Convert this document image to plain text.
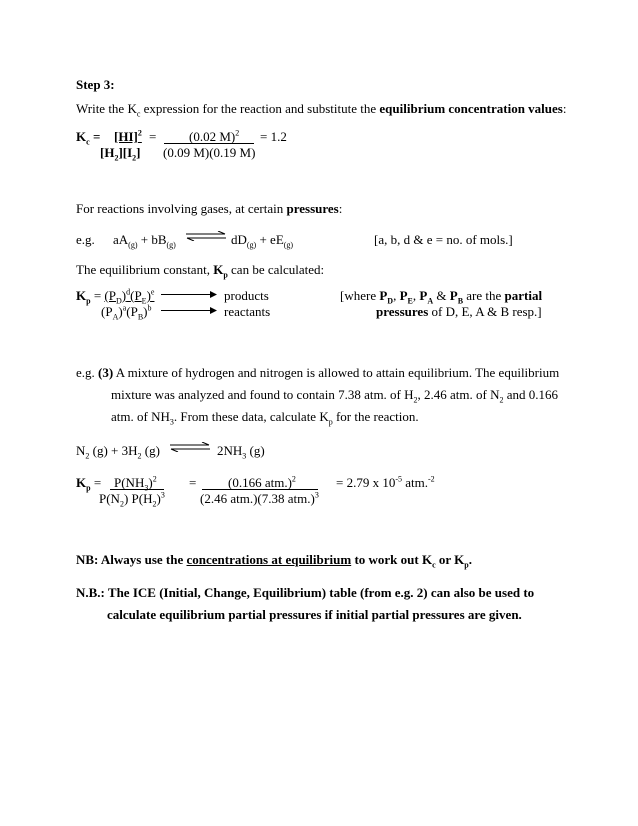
Step 3:
Write the $K_c$ expression for the reaction and substitute the equilibrium concentration values:
$K_c = [HI]^2$
$[H_2][I_2]$
=	(0.02 M)$^2$
(0.09 M)(0.19 M)
= 1.2
For reactions involving gases, at certain pressures:
e.g. $aA_{(g)} + bB_{(g)}$ ⇌ $dD_{(g)} + eE_{(g)}$	[a, b, d & e = no. of mols.]
The equilibrium constant, $K_p$ can be calculated:
$K_p = (P_D)^d(P_E)^e$
$(P_A)^a(P_B)^b$
products
reactants
[where $P_D$, $P_E$, $P_A$ & $P_B$ are the partial
pressures of D, E, A & B resp.]
e.g. (3) A mixture of hydrogen and nitrogen is allowed to attain equilibrium. The equilibrium
mixture was analyzed and found to contain 7.38 atm. of $H_2$, 2.46 atm. of $N_2$ and 0.166
atm. of $NH_3$. From these data, calculate $K_p$ for the reaction.
$N_2$ $(g) + 3H_2$ (g)	$2NH_3$ (g)
$K_p = P(NH_3)^2$
$P(N_2)$ $P(H_2)^3$
= (0.166 atm.)$^2$
(2.46 atm.)(7.38 atm.)$^3$
= 2.79 x $10^{-5}$ atm.$^{-2}$
NB: Always use the concentrations at equilibrium to work out $K_c$ or $K_p$.
N.B.: The ICE (Initial, Change, Equilibrium) table (from e.g. 2) can also be used to
calculate equilibrium partial pressures if initial partial pressures are given.
